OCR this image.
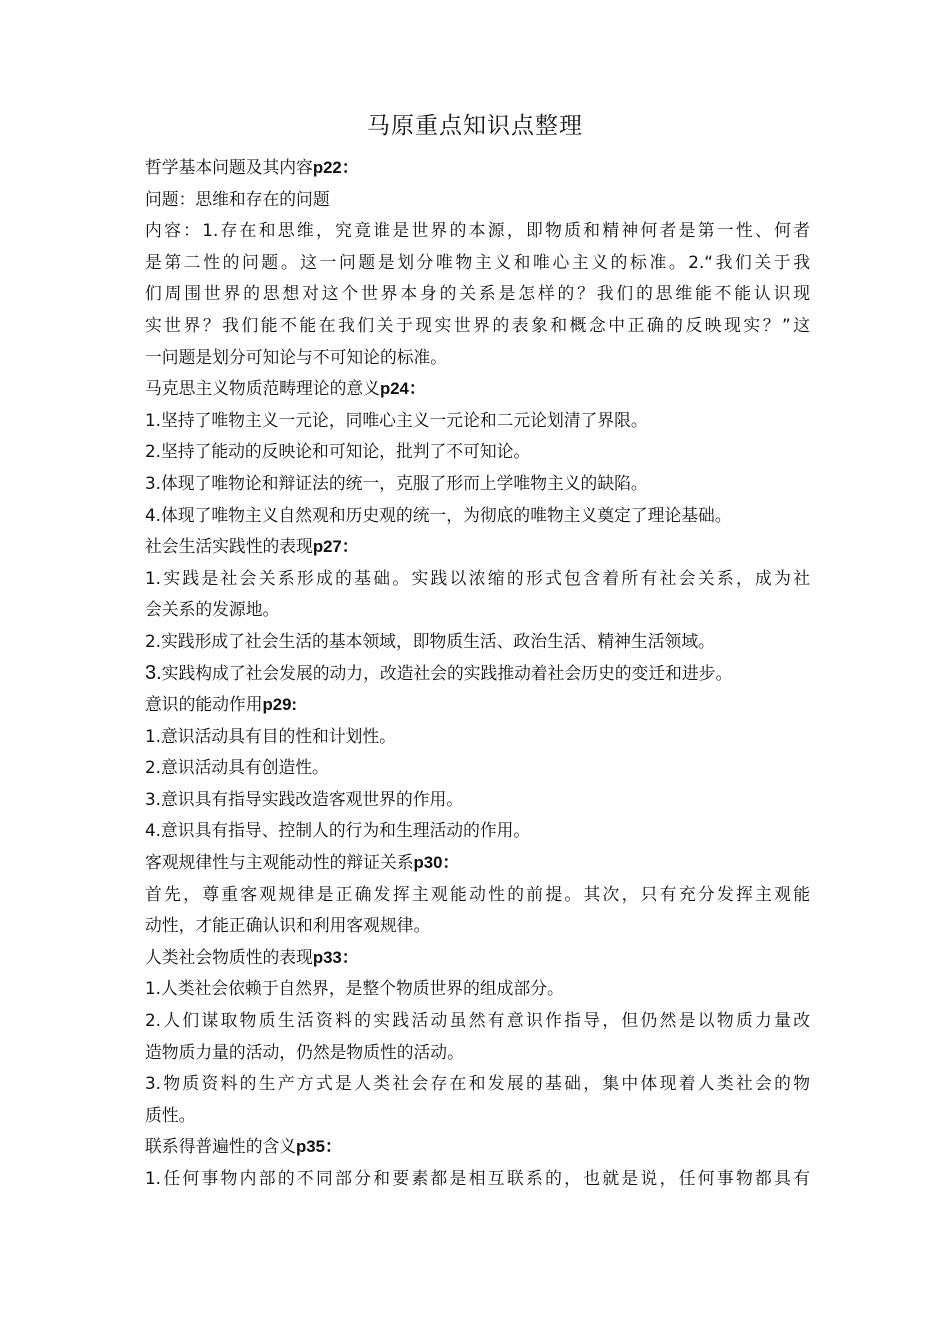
马原重点知识点整理
哲学基本问题及其内容p22：
问题：思维和存在的问题
内容：1.存在和思维，究竟谁是世界的本源，即物质和精神何者是第一性、何者
是第二性的问题。这一问题是划分唯物主义和唯心主义的标准。2.“我们关于我
们周围世界的思想对这个世界本身的关系是怎样的？我们的思维能不能认识现
实世界？我们能不能在我们关于现实世界的表象和概念中正确的反映现实？”这
一问题是划分可知论与不可知论的标准。
马克思主义物质范畴理论的意义p24：
1.坚持了唯物主义一元论，同唯心主义一元论和二元论划清了界限。
2.坚持了能动的反映论和可知论，批判了不可知论。
3.体现了唯物论和辩证法的统一，克服了形而上学唯物主义的缺陷。
4.体现了唯物主义自然观和历史观的统一，为彻底的唯物主义奠定了理论基础。
社会生活实践性的表现p27：
1.实践是社会关系形成的基础。实践以浓缩的形式包含着所有社会关系，成为社
会关系的发源地。
2.实践形成了社会生活的基本领域，即物质生活、政治生活、精神生活领域。
3.实践构成了社会发展的动力，改造社会的实践推动着社会历史的变迁和进步。
意识的能动作用p29:
1.意识活动具有目的性和计划性。
2.意识活动具有创造性。
3.意识具有指导实践改造客观世界的作用。
4.意识具有指导、控制人的行为和生理活动的作用。
客观规律性与主观能动性的辩证关系p30：
首先，尊重客观规律是正确发挥主观能动性的前提。其次，只有充分发挥主观能
动性，才能正确认识和利用客观规律。
人类社会物质性的表现p33：
1.人类社会依赖于自然界，是整个物质世界的组成部分。
2.人们谋取物质生活资料的实践活动虽然有意识作指导，但仍然是以物质力量改
造物质力量的活动，仍然是物质性的活动。
3.物质资料的生产方式是人类社会存在和发展的基础，集中体现着人类社会的物
质性。
联系得普遍性的含义p35：
1.任何事物内部的不同部分和要素都是相互联系的，也就是说，任何事物都具有
